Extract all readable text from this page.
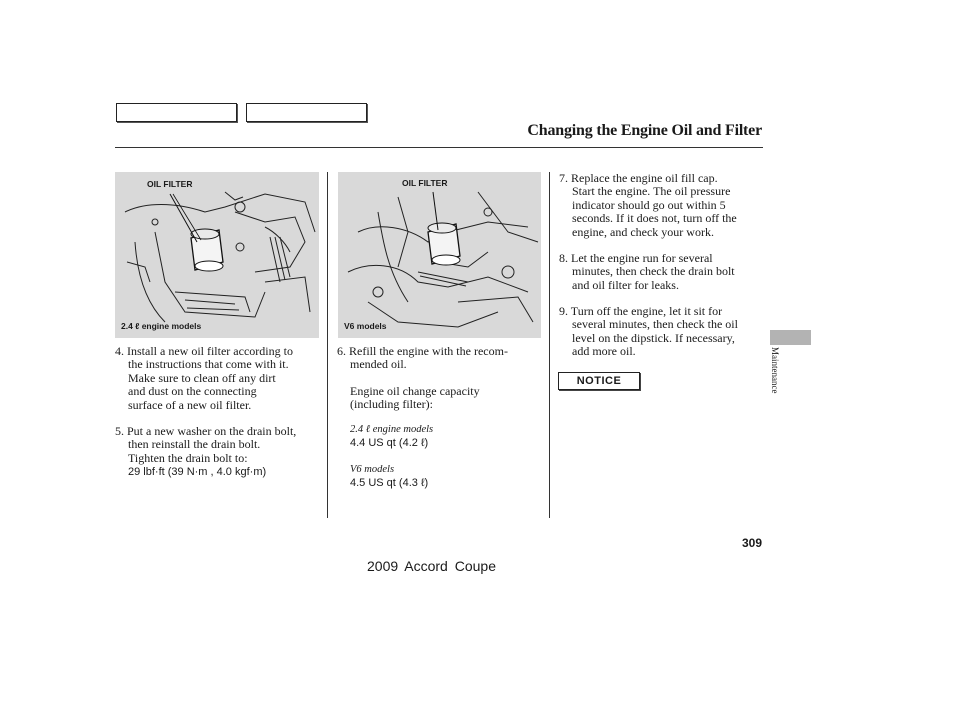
Changing the Engine Oil and Filter
OIL FILTER
2.4 ℓ engine models
OIL FILTER
V6 models
4. Install a new oil filter according to
the instructions that come with it.
Make sure to clean off any dirt
and dust on the connecting
surface of a new oil filter.
5. Put a new washer on the drain bolt,
then reinstall the drain bolt.
Tighten the drain bolt to:
29 lbf·ft (39 N·m , 4.0 kgf·m)
6. Refill the engine with the recom-
mended oil.
Engine oil change capacity
(including filter):
2.4 ℓ engine models
4.4 US qt (4.2 ℓ)
V6 models
4.5 US qt (4.3 ℓ)
7. Replace the engine oil fill cap.
Start the engine. The oil pressure
indicator should go out within 5
seconds. If it does not, turn off the
engine, and check your work.
8. Let the engine run for several
minutes, then check the drain bolt
and oil filter for leaks.
9. Turn off the engine, let it sit for
several minutes, then check the oil
level on the dipstick. If necessary,
add more oil.
NOTICE	Maintenance
309
2009 Accord Coupe
